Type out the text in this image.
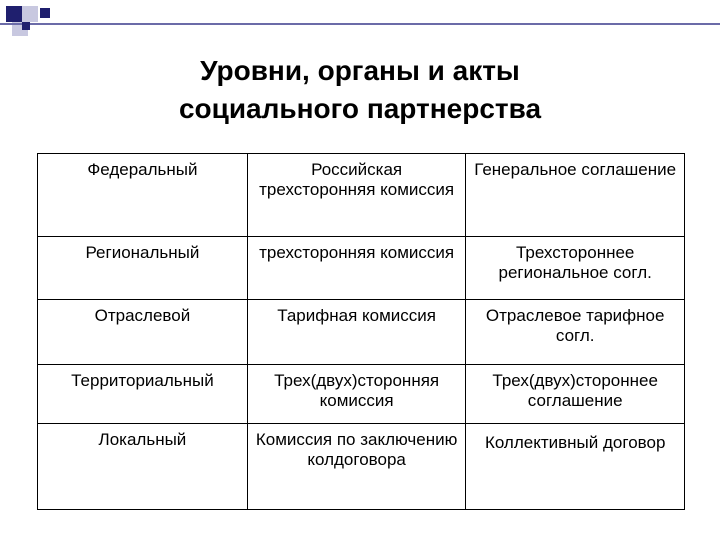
Уровни, органы и акты
социального партнерства
Федеральный	Российская трехсторонняя комиссия	Генеральное соглашение
Региональный	трехсторонняя комиссия	Трехстороннее региональное согл.
Отраслевой	Тарифная комиссия	Отраслевое тарифное согл.
Территориальный	Трех(двух)сторонняя комиссия	Трех(двух)стороннее соглашение
Локальный	Комиссия по заключению колдоговора	Коллективный договор
